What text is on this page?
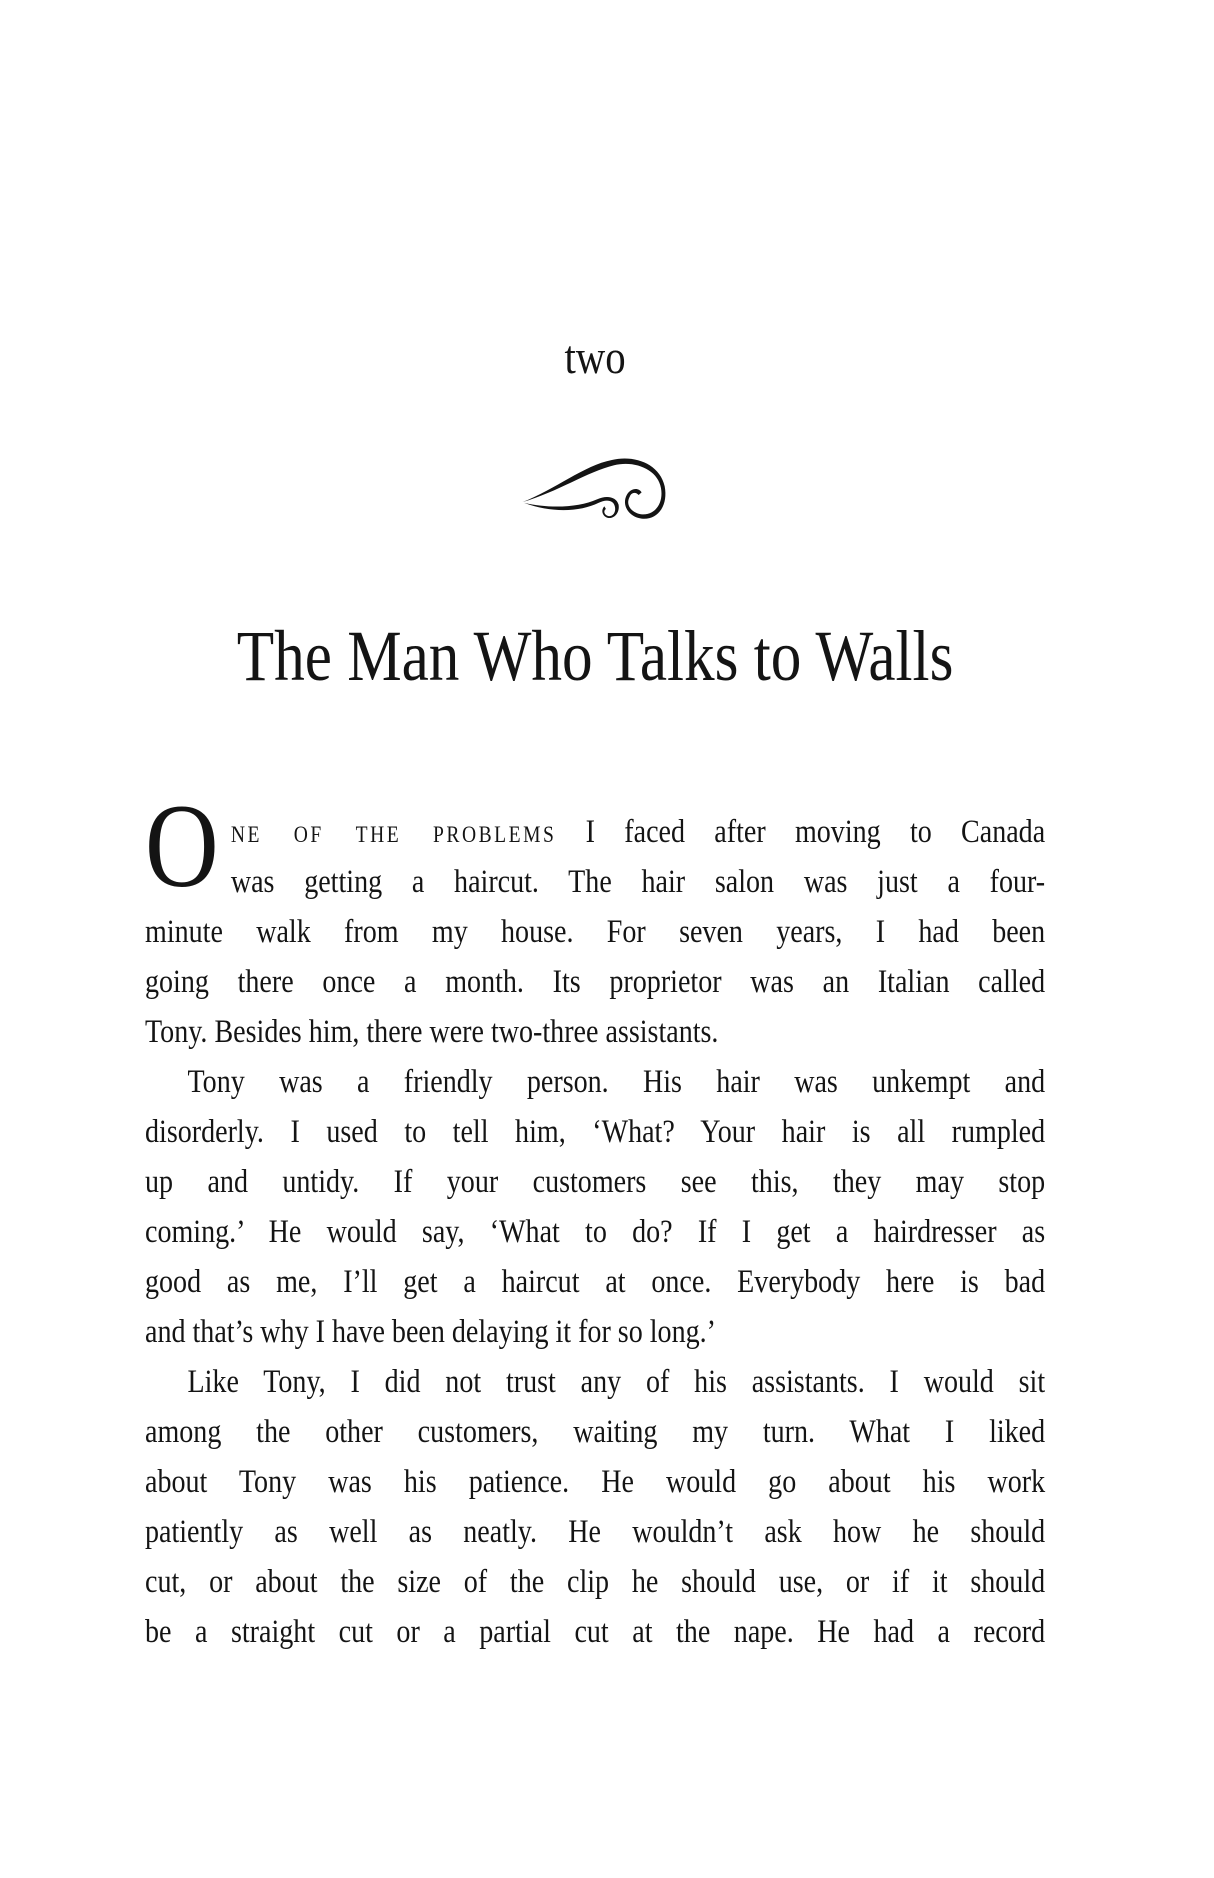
two
The Man Who Talks to Walls
O ne of the problems I faced after moving to Canada
was getting a haircut. The hair salon was just a four-
minute walk from my house. For seven years, I had been
going there once a month. Its proprietor was an Italian called
Tony. Besides him, there were two-three assistants.
Tony was a friendly person. His hair was unkempt and
disorderly. I used to tell him, ‘What? Your hair is all rumpled
up and untidy. If your customers see this, they may stop
coming.’ He would say, ‘What to do? If I get a hairdresser as
good as me, I’ll get a haircut at once. Everybody here is bad
and that’s why I have been delaying it for so long.’
Like Tony, I did not trust any of his assistants. I would sit
among the other customers, waiting my turn. What I liked
about Tony was his patience. He would go about his work
patiently as well as neatly. He wouldn’t ask how he should
cut, or about the size of the clip he should use, or if it should
be a straight cut or a partial cut at the nape. He had a record
